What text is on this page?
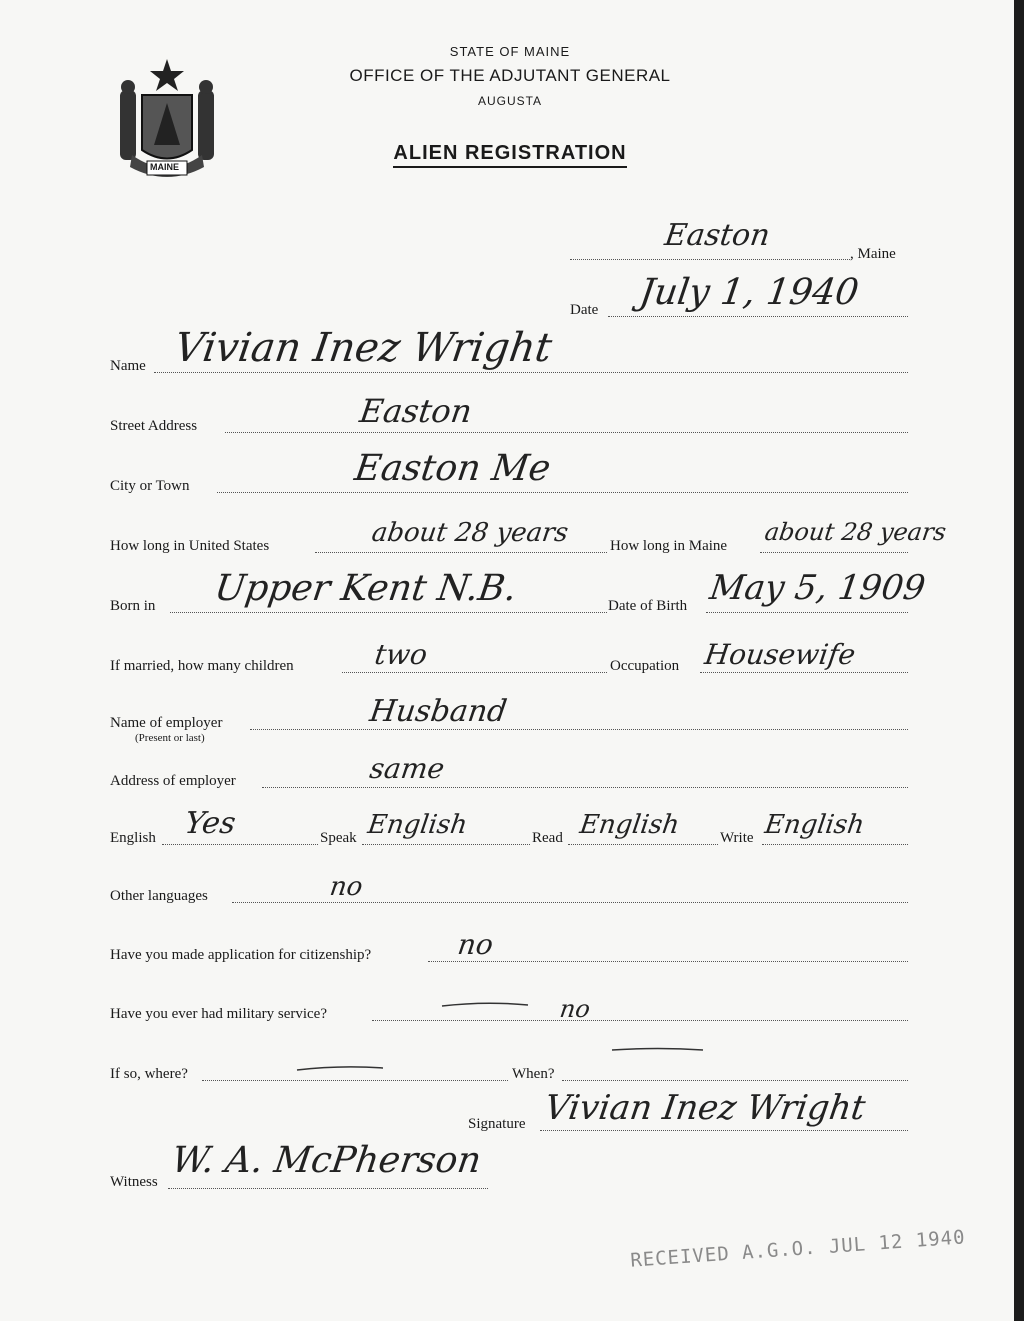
MAINE
STATE OF MAINE
OFFICE OF THE ADJUTANT GENERAL
AUGUSTA
ALIEN REGISTRATION
Easton
, Maine
Date July 1, 1940
Name Vivian Inez Wright
Street Address	Easton
City or Town	Easton Me
How long in United States	about 28 years	How long in Maine about 28 years
Born in Upper Kent N.B.	Date of Birth May 5, 1909
If married, how many children	two	Occupation Housewife
Name of employer
(Present or last)
Husband
Address of employer	same
English Yes	Speak English	Read English	Write English
Other languages	no
Have you made application for citizenship?	no
Have you ever had military service?	no
If so, where?	When?
Signature Vivian Inez Wright
Witness
W. A. McPherson
RECEIVED A.G.O. JUL 12 1940
